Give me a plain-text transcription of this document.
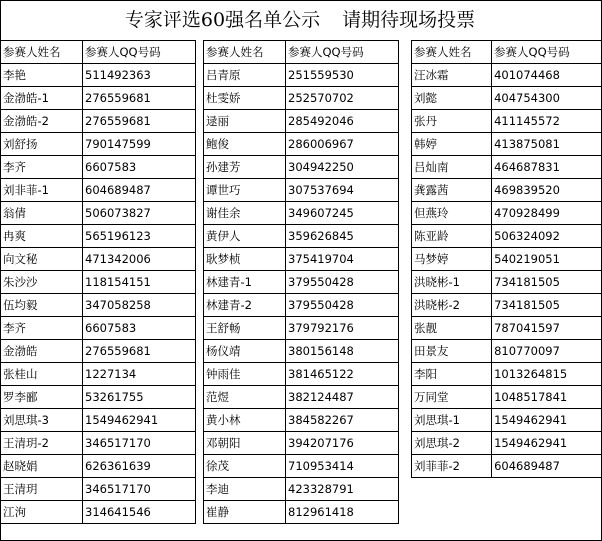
专家评选60强名单公示 请期待现场投票
参赛人姓名	参赛人QQ号码
李艳	511492363
金渤皓-1	276559681
金渤皓-2	276559681
刘舒扬	790147599
李齐	6607583
刘非菲-1	604689487
翁倩	506073827
冉爽	565196123
向文秘	471342006
朱沙沙	118154151
伍均毅	347058258
李齐	6607583
金渤皓	276559681
张桂山	1227134
罗李郦	53261755
刘思琪-3	1549462941
王清玥-2	346517170
赵晓娟	626361639
王清玥	346517170
江洵	314641546
参赛人姓名	参赛人QQ号码
吕青原	251559530
杜雯娇	252570702
逯丽	285492046
鲍俊	286006967
孙建芳	304942250
谭世巧	307537694
谢佳余	349607245
黄伊人	359626845
耿梦桢	375419704
林建青-1	379550428
林建青-2	379550428
王舒畅	379792176
杨仪靖	380156148
钟雨佳	381465122
范煜	382124487
黄小林	384582267
邓朝阳	394207176
徐茂	710953414
李迪	423328791
崔静	812961418
参赛人姓名	参赛人QQ号码
汪冰霜	401074468
刘懿	404754300
张丹	411145572
韩婷	413875081
吕灿南	464687831
龚露茜	469839520
但燕玲	470928499
陈亚龄	506324092
马梦婷	540219051
洪晓彬-1	734181505
洪晓彬-2	734181505
张靓	787041597
田景友	810770097
李阳	1013264815
万同堂	1048517841
刘思琪-1	1549462941
刘思琪-2	1549462941
刘菲菲-2	604689487
